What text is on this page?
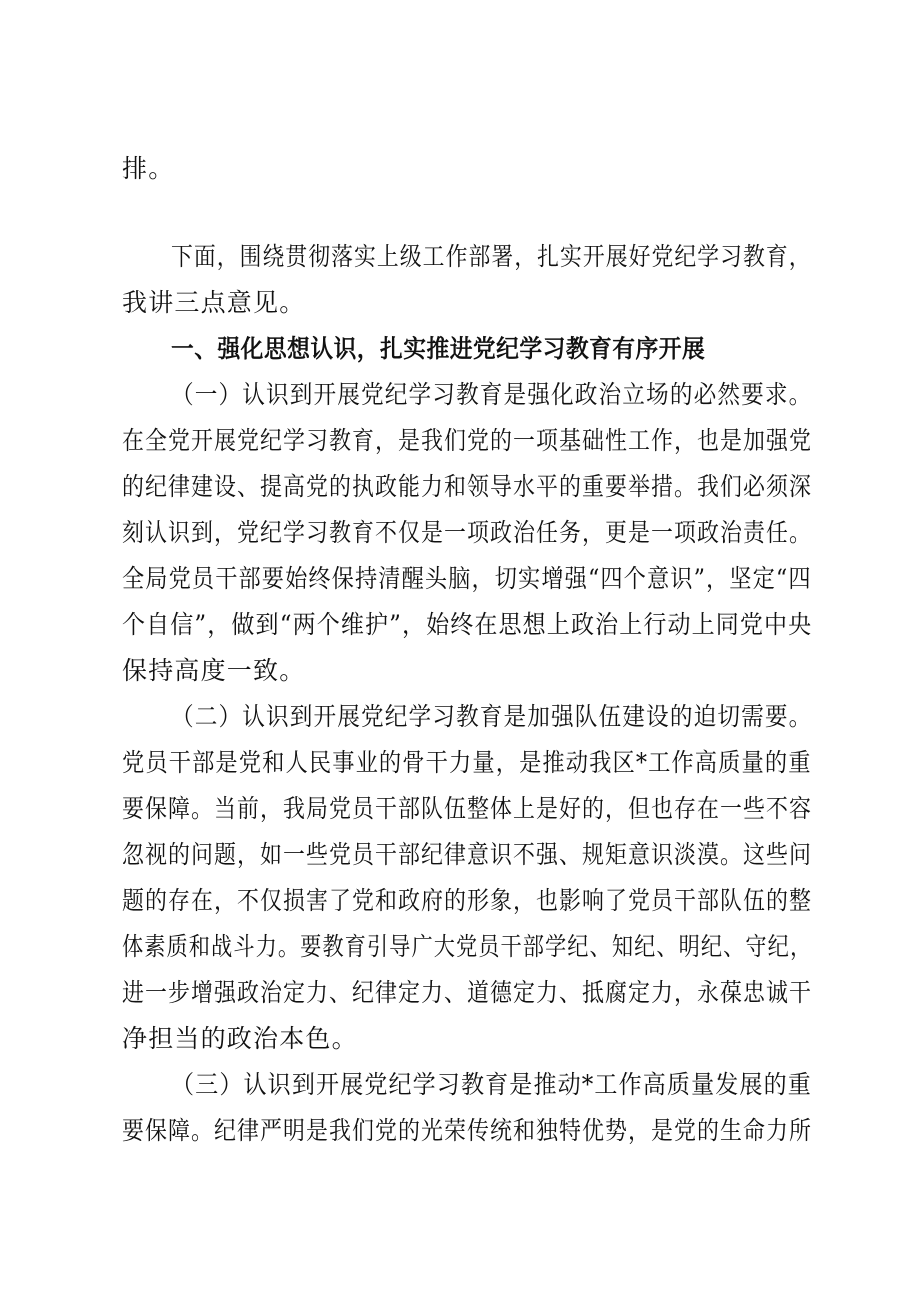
排。
下面，围绕贯彻落实上级工作部署，扎实开展好党纪学习教育，
我讲三点意见。
一、强化思想认识，扎实推进党纪学习教育有序开展
（一）认识到开展党纪学习教育是强化政治立场的必然要求。
在全党开展党纪学习教育，是我们党的一项基础性工作，也是加强党
的纪律建设、提高党的执政能力和领导水平的重要举措。我们必须深
刻认识到，党纪学习教育不仅是一项政治任务，更是一项政治责任。
全局党员干部要始终保持清醒头脑，切实增强“四个意识”，坚定“四
个自信”，做到“两个维护”，始终在思想上政治上行动上同党中央
保持高度一致。
（二）认识到开展党纪学习教育是加强队伍建设的迫切需要。
党员干部是党和人民事业的骨干力量，是推动我区*工作高质量的重
要保障。当前，我局党员干部队伍整体上是好的，但也存在一些不容
忽视的问题，如一些党员干部纪律意识不强、规矩意识淡漠。这些问
题的存在，不仅损害了党和政府的形象，也影响了党员干部队伍的整
体素质和战斗力。要教育引导广大党员干部学纪、知纪、明纪、守纪，
进一步增强政治定力、纪律定力、道德定力、抵腐定力，永葆忠诚干
净担当的政治本色。
（三）认识到开展党纪学习教育是推动*工作高质量发展的重
要保障。纪律严明是我们党的光荣传统和独特优势，是党的生命力所
